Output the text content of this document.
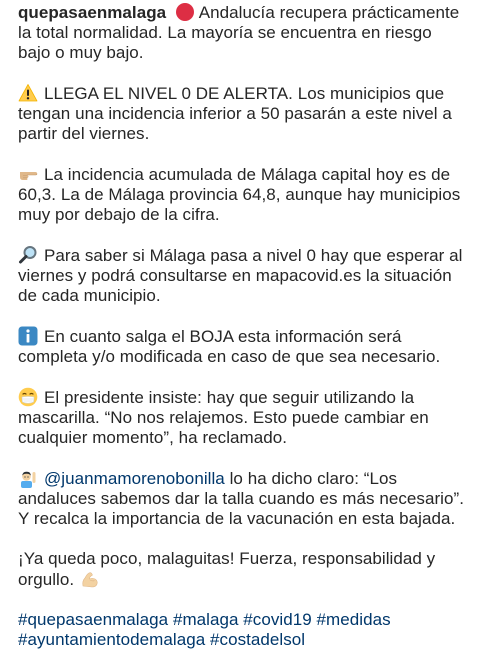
quepasaenmalaga
Andalucía recupera prácticamente la total normalidad. La mayoría se encuentra en riesgo bajo o muy bajo.

LLEGA EL NIVEL 0 DE ALERTA. Los municipios que tengan una incidencia inferior a 50 pasarán a este nivel a partir del viernes.

La incidencia acumulada de Málaga capital hoy es de 60,3. La de Málaga provincia 64,8, aunque hay municipios muy por debajo de la cifra.

Para saber si Málaga pasa a nivel 0 hay que esperar al viernes y podrá consultarse en mapacovid.es la situación de cada municipio.

En cuanto salga el BOJA esta información será completa y/o modificada en caso de que sea necesario.

El presidente insiste: hay que seguir utilizando la mascarilla. “No nos relajemos. Esto puede cambiar en cualquier momento”, ha reclamado.

@juanmamorenobonilla lo ha dicho claro: “Los andaluces sabemos dar la talla cuando es más necesario”. Y recalca la importancia de la vacunación en esta bajada.

¡Ya queda poco, malaguitas! Fuerza, responsabilidad y orgullo.

#quepasaenmalaga #malaga #covid19 #medidas #ayuntamientodemalaga #costadelsol
